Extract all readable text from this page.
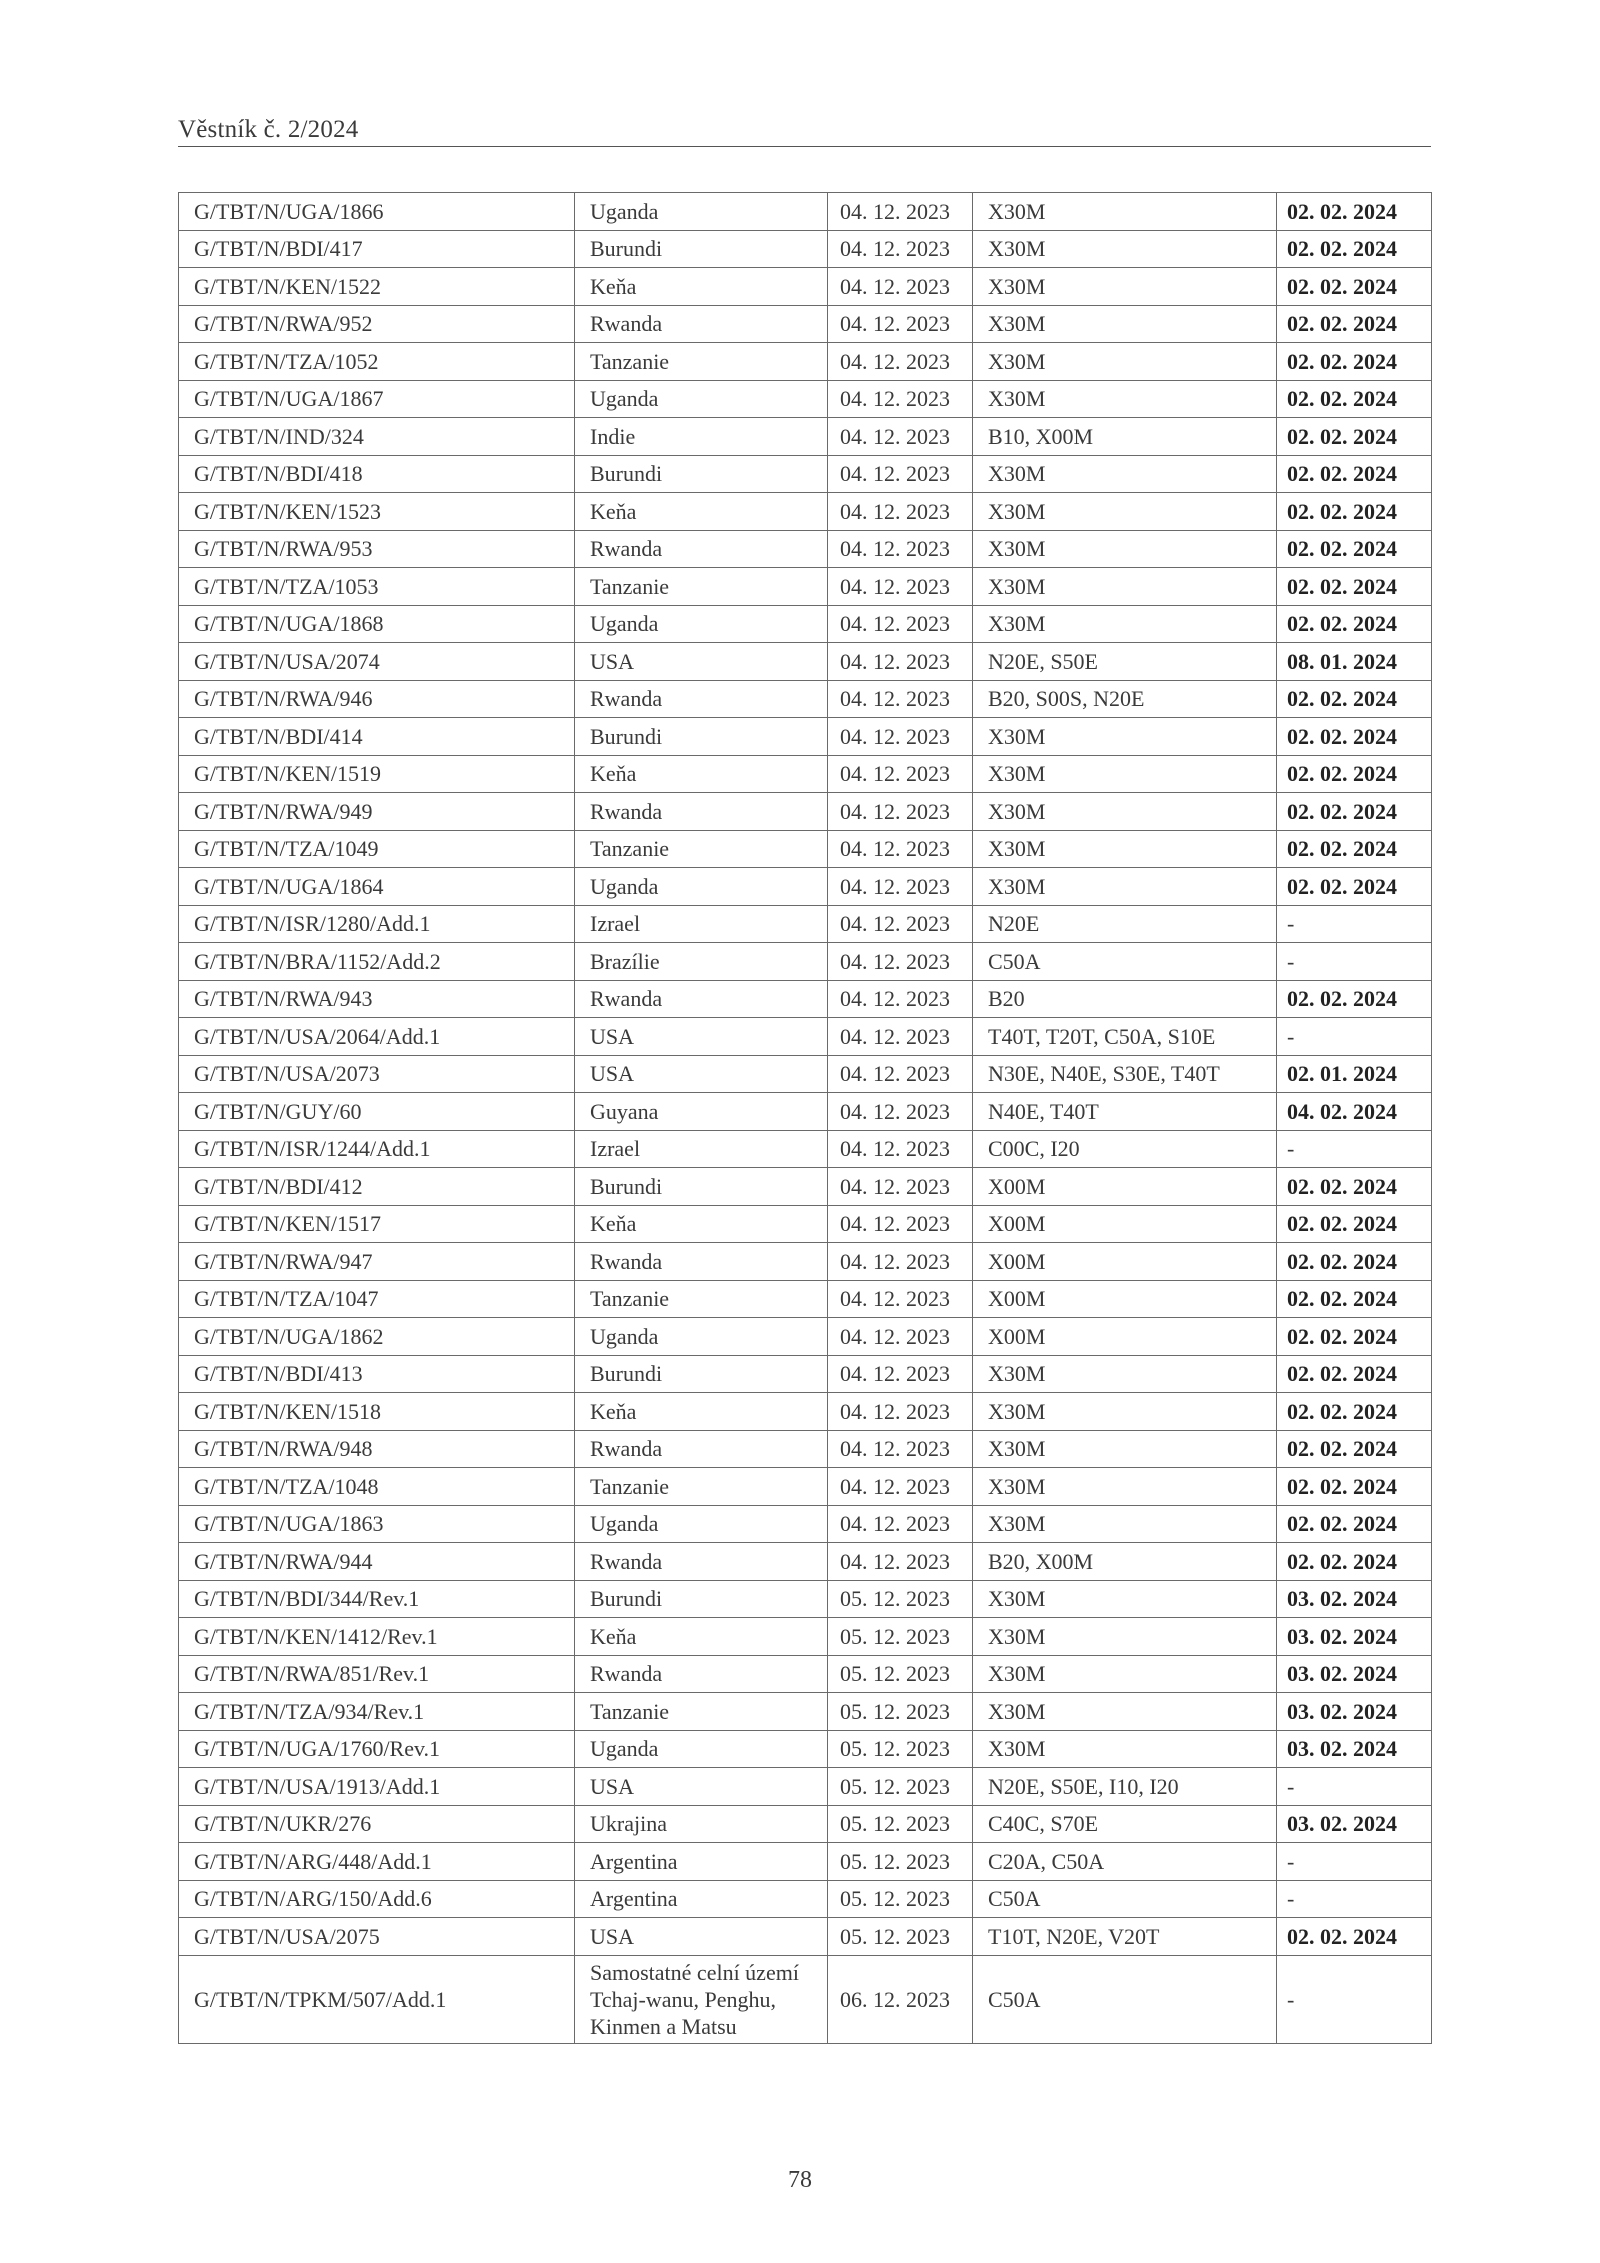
Věstník č. 2/2024
G/TBT/N/UGA/1866	Uganda	04. 12. 2023	X30M	02. 02. 2024
G/TBT/N/BDI/417	Burundi	04. 12. 2023	X30M	02. 02. 2024
G/TBT/N/KEN/1522	Keňa	04. 12. 2023	X30M	02. 02. 2024
G/TBT/N/RWA/952	Rwanda	04. 12. 2023	X30M	02. 02. 2024
G/TBT/N/TZA/1052	Tanzanie	04. 12. 2023	X30M	02. 02. 2024
G/TBT/N/UGA/1867	Uganda	04. 12. 2023	X30M	02. 02. 2024
G/TBT/N/IND/324	Indie	04. 12. 2023	B10, X00M	02. 02. 2024
G/TBT/N/BDI/418	Burundi	04. 12. 2023	X30M	02. 02. 2024
G/TBT/N/KEN/1523	Keňa	04. 12. 2023	X30M	02. 02. 2024
G/TBT/N/RWA/953	Rwanda	04. 12. 2023	X30M	02. 02. 2024
G/TBT/N/TZA/1053	Tanzanie	04. 12. 2023	X30M	02. 02. 2024
G/TBT/N/UGA/1868	Uganda	04. 12. 2023	X30M	02. 02. 2024
G/TBT/N/USA/2074	USA	04. 12. 2023	N20E, S50E	08. 01. 2024
G/TBT/N/RWA/946	Rwanda	04. 12. 2023	B20, S00S, N20E	02. 02. 2024
G/TBT/N/BDI/414	Burundi	04. 12. 2023	X30M	02. 02. 2024
G/TBT/N/KEN/1519	Keňa	04. 12. 2023	X30M	02. 02. 2024
G/TBT/N/RWA/949	Rwanda	04. 12. 2023	X30M	02. 02. 2024
G/TBT/N/TZA/1049	Tanzanie	04. 12. 2023	X30M	02. 02. 2024
G/TBT/N/UGA/1864	Uganda	04. 12. 2023	X30M	02. 02. 2024
G/TBT/N/ISR/1280/Add.1	Izrael	04. 12. 2023	N20E	-
G/TBT/N/BRA/1152/Add.2	Brazílie	04. 12. 2023	C50A	-
G/TBT/N/RWA/943	Rwanda	04. 12. 2023	B20	02. 02. 2024
G/TBT/N/USA/2064/Add.1	USA	04. 12. 2023	T40T, T20T, C50A, S10E	-
G/TBT/N/USA/2073	USA	04. 12. 2023	N30E, N40E, S30E, T40T	02. 01. 2024
G/TBT/N/GUY/60	Guyana	04. 12. 2023	N40E, T40T	04. 02. 2024
G/TBT/N/ISR/1244/Add.1	Izrael	04. 12. 2023	C00C, I20	-
G/TBT/N/BDI/412	Burundi	04. 12. 2023	X00M	02. 02. 2024
G/TBT/N/KEN/1517	Keňa	04. 12. 2023	X00M	02. 02. 2024
G/TBT/N/RWA/947	Rwanda	04. 12. 2023	X00M	02. 02. 2024
G/TBT/N/TZA/1047	Tanzanie	04. 12. 2023	X00M	02. 02. 2024
G/TBT/N/UGA/1862	Uganda	04. 12. 2023	X00M	02. 02. 2024
G/TBT/N/BDI/413	Burundi	04. 12. 2023	X30M	02. 02. 2024
G/TBT/N/KEN/1518	Keňa	04. 12. 2023	X30M	02. 02. 2024
G/TBT/N/RWA/948	Rwanda	04. 12. 2023	X30M	02. 02. 2024
G/TBT/N/TZA/1048	Tanzanie	04. 12. 2023	X30M	02. 02. 2024
G/TBT/N/UGA/1863	Uganda	04. 12. 2023	X30M	02. 02. 2024
G/TBT/N/RWA/944	Rwanda	04. 12. 2023	B20, X00M	02. 02. 2024
G/TBT/N/BDI/344/Rev.1	Burundi	05. 12. 2023	X30M	03. 02. 2024
G/TBT/N/KEN/1412/Rev.1	Keňa	05. 12. 2023	X30M	03. 02. 2024
G/TBT/N/RWA/851/Rev.1	Rwanda	05. 12. 2023	X30M	03. 02. 2024
G/TBT/N/TZA/934/Rev.1	Tanzanie	05. 12. 2023	X30M	03. 02. 2024
G/TBT/N/UGA/1760/Rev.1	Uganda	05. 12. 2023	X30M	03. 02. 2024
G/TBT/N/USA/1913/Add.1	USA	05. 12. 2023	N20E, S50E, I10, I20	-
G/TBT/N/UKR/276	Ukrajina	05. 12. 2023	C40C, S70E	03. 02. 2024
G/TBT/N/ARG/448/Add.1	Argentina	05. 12. 2023	C20A, C50A	-
G/TBT/N/ARG/150/Add.6	Argentina	05. 12. 2023	C50A	-
G/TBT/N/USA/2075	USA	05. 12. 2023	T10T, N20E, V20T	02. 02. 2024
G/TBT/N/TPKM/507/Add.1	Samostatné celní území Tchaj-wanu, Penghu, Kinmen a Matsu	06. 12. 2023	C50A	-
78
